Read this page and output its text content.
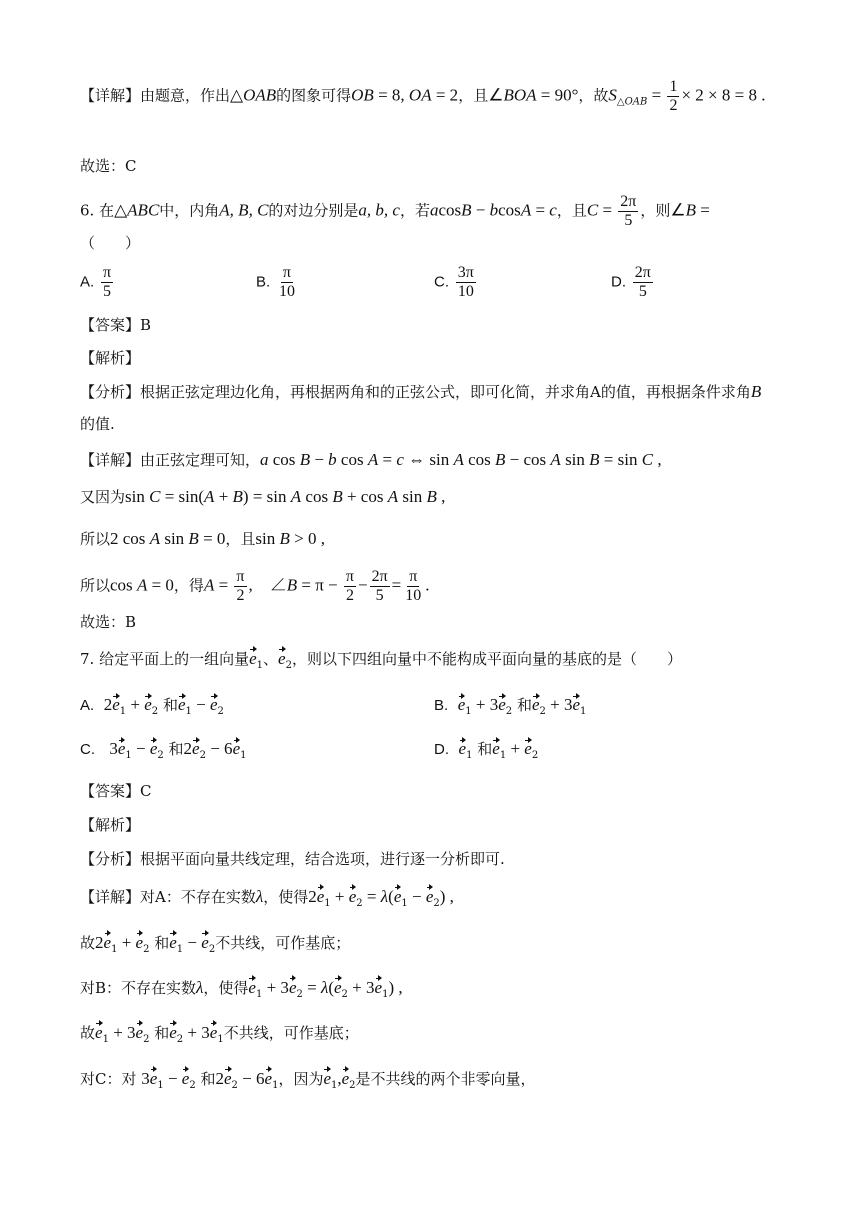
【详解】由题意，作出△OAB的图象可得OB = 8, OA = 2，且∠BOA = 90°，故$S_{\triangle OAB} = \frac{1}{2} \times 2 \times 8 = 8$ .
故选：C
6. 在△ABC中，内角A, B, C的对边分别是a, b, c，若acosB − bcosA = c，且$C = \frac{2\pi}{5}$ ，则∠B =
（　　）
A. $\frac{\pi}{5}$	B. $\frac{\pi}{10}$	C. $\frac{3\pi}{10}$	D. $\frac{2\pi}{5}$
【答案】B
【解析】
【分析】根据正弦定理边化角，再根据两角和的正弦公式，即可化简，并求角A的值，再根据条件求角B
的值.
【详解】由正弦定理可知，a cos B − b cos A = c ⇔ sin A cos B − cos A sin B = sin C ,
又因为sin C = sin(A + B) = sin A cos B + cos A sin B ,
所以2 cos A sin B = 0，且sin B > 0 ,
所以cos A = 0，得$A = \frac{\pi}{2}$ ,　∠B = $\pi - \frac{\pi}{2} - \frac{2\pi}{5} = \frac{\pi}{10}$ .
故选：B
7. 给定平面上的一组向量$e_1$、$e_2$，则以下四组向量中不能构成平面向量的基底的是（　　）
A. $2e_1 + e_2$ 和$e_1 - e_2$	B. $e_1 + 3e_2$ 和$e_2 + 3e_1$
C. $3e_1 - e_2$ 和$2e_2 - 6e_1$	D. $e_1$ 和$e_1 + e_2$
【答案】C
【解析】
【分析】根据平面向量共线定理，结合选项，进行逐一分析即可.
【详解】对A：不存在实数λ，使得$2e_1 + e_2 = \lambda(e_1 - e_2)$ ,
故$2e_1 + e_2$ 和$e_1 - e_2$不共线，可作基底；
对B：不存在实数λ，使得$e_1 + 3e_2 = \lambda(e_2 + 3e_1)$ ,
故$e_1 + 3e_2$ 和$e_2 + 3e_1$不共线，可作基底；
对C：对 $3e_1 - e_2$ 和$2e_2 - 6e_1$，因为$e_1,e_2$是不共线的两个非零向量，
